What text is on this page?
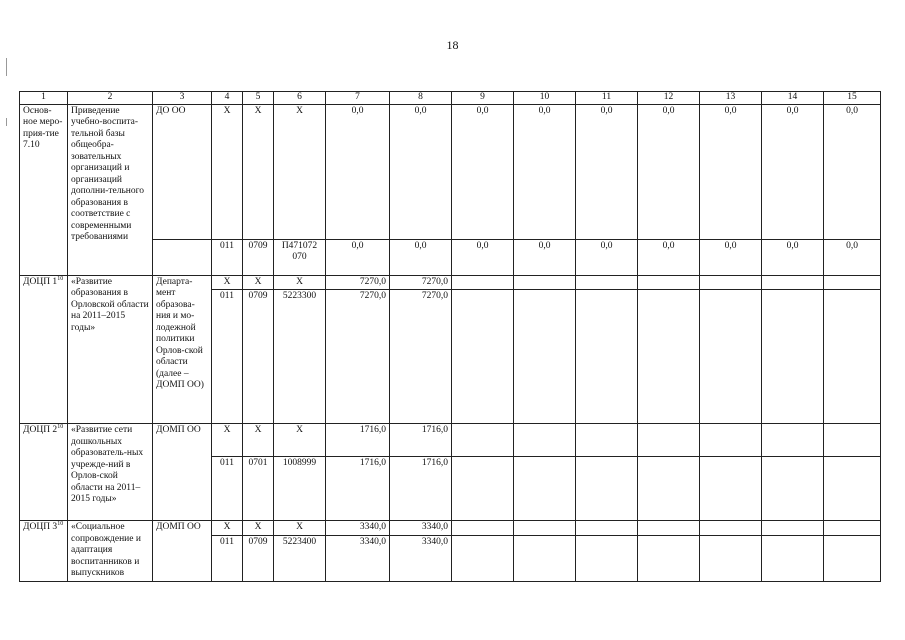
18
1	2	3	4	5	6	7	8	9	10	11	12	13	14	15
Основ-ное меро-прия-тие 7.10	Приведение учебно-воспита-тельной базы общеобра-зовательных организаций и организаций дополни-тельного образования в соответствие с современными требованиями	ДО ОО	Х	Х	Х	0,0	0,0	0,0	0,0	0,0	0,0	0,0	0,0	0,0
			011	0709	П471072 070	0,0	0,0	0,0	0,0	0,0	0,0	0,0	0,0	0,0
ДОЦП $1^{10}$	«Развитие образования в Орловской области на 2011–2015 годы»	Департа-мент образова-ния и мо-лодежной политики Орлов-ской области (далее – ДОМП ОО)	Х	Х	Х	7270,0	7270,0							
			011	0709	5223300	7270,0	7270,0							
ДОЦП $2^{10}$	«Развитие сети дошкольных образователь-ных учрежде-ний в Орлов-ской области на 2011–2015 годы»	ДОМП ОО	Х	Х	Х	1716,0	1716,0							
			011	0701	1008999	1716,0	1716,0							
ДОЦП $3^{10}$	«Социальное сопровождение и адаптация воспитанников и выпускников	ДОМП ОО	Х	Х	Х	3340,0	3340,0							
			011	0709	5223400	3340,0	3340,0							
